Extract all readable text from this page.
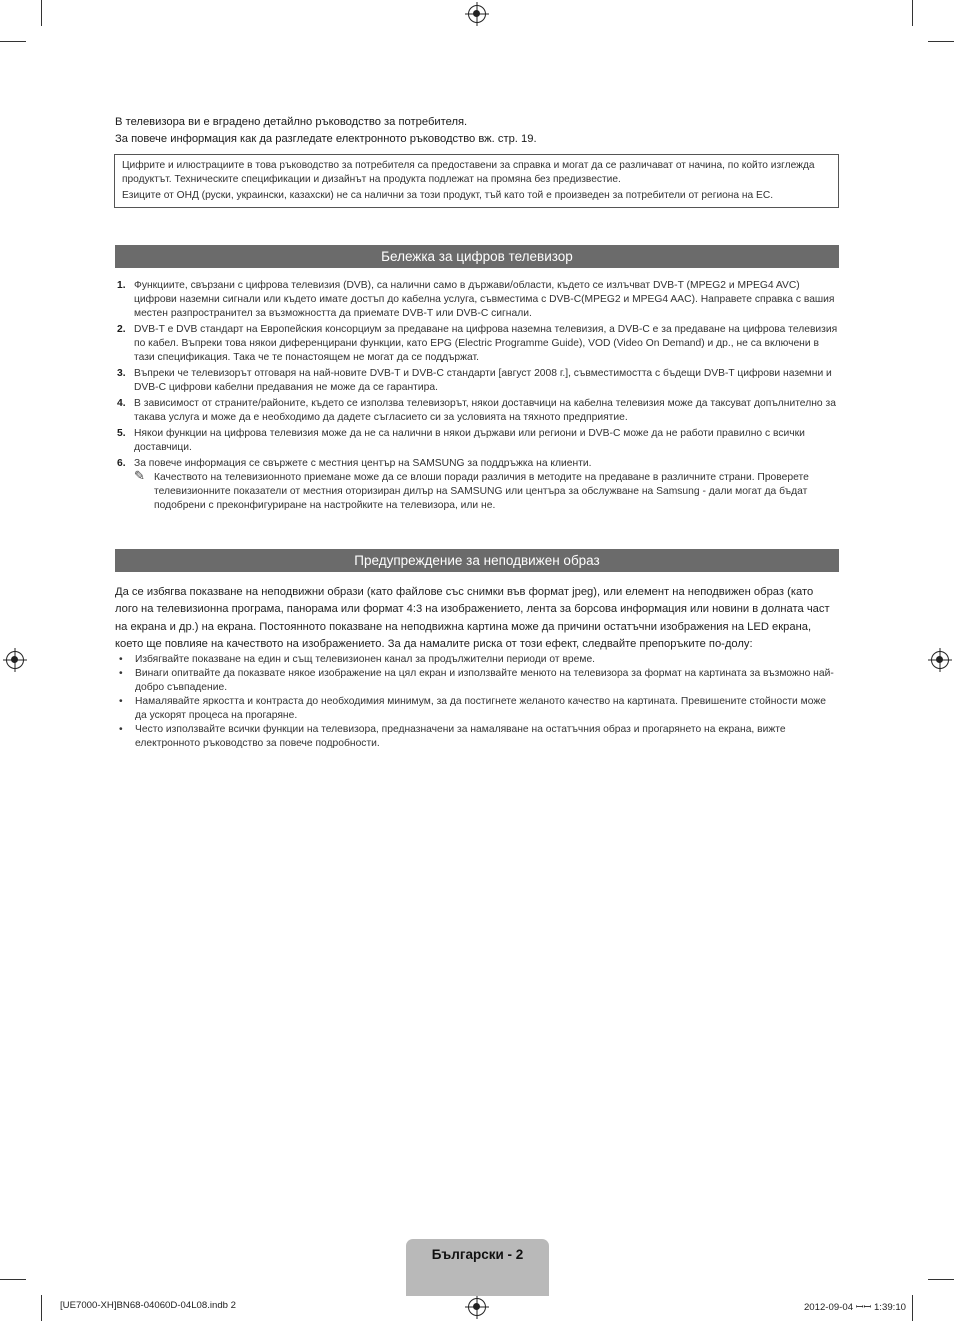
В телевизора ви е вградено детайлно ръководство за потребителя.
За повече информация как да разгледате електронното ръководство вж. стр. 19.

Цифрите и илюстрациите в това ръководство за потребителя са предоставени за справка и могат да се различават от начина, по който изглежда продуктът. Техническите спецификации и дизайнът на продукта подлежат на промяна без предизвестие.

Езиците от ОНД (руски, украински, казахски) не са налични за този продукт, тъй като той е произведен за потребители от региона на ЕС.

Бележка за цифров телевизор
1. Функциите, свързани с цифрова телевизия (DVB), са налични само в държави/области, където се излъчват DVB-T (MPEG2 и MPEG4 AVC) цифрови наземни сигнали или където имате достъп до кабелна услуга, съвместима с DVB-C(MPEG2 и MPEG4 AAC). Направете справка с вашия местен разпространител за възможността да приемате DVB-T или DVB-C сигнали.
2. DVB-T е DVB стандарт на Европейския консорциум за предаване на цифрова наземна телевизия, а DVB-C е за предаване на цифрова телевизия по кабел. Въпреки това някои диференцирани функции, като EPG (Electric Programme Guide), VOD (Video On Demand) и др., не са включени в тази спецификация. Така че те понастоящем не могат да се поддържат.
3. Въпреки че телевизорът отговаря на най-новите DVB-T и DVB-C стандарти [август 2008 г.], съвместимостта с бъдещи DVB-T цифрови наземни и DVB-C цифрови кабелни предавания не може да се гарантира.
4. В зависимост от страните/районите, където се използва телевизорът, някои доставчици на кабелна телевизия може да таксуват допълнително за такава услуга и може да е необходимо да дадете съгласието си за условията на тяхното предприятие.
5. Някои функции на цифрова телевизия може да не са налични в някои държави или региони и DVB-C може да не работи правилно с всички доставчици.
6. За повече информация се свържете с местния център на SAMSUNG за поддръжка на клиенти.
✎ Качеството на телевизионното приемане може да се влоши поради различия в методите на предаване в различните страни. Проверете телевизионните показатели от местния оторизиран дилър на SAMSUNG или центъра за обслужване на Samsung - дали могат да бъдат подобрени с преконфигуриране на настройките на телевизора, или не.
Предупреждение за неподвижен образ
Да се избягва показване на неподвижни образи (като файлове със снимки във формат jpeg), или елемент на неподвижен образ (като лого на телевизионна програма, панорама или формат 4:3 на изображението, лента за борсова информация или новини в долната част на екрана и др.) на екрана. Постоянното показване на неподвижна картина може да причини остатъчни изображения на LED екрана, което ще повлияе на качеството на изображението. За да намалите риска от този ефект, следвайте препоръките по-долу:
• Избягвайте показване на един и същ телевизионен канал за продължителни периоди от време.
• Винаги опитвайте да показвате някое изображение на цял екран и използвайте менюто на телевизора за формат на картината за възможно най-добро съвпадение.
• Намалявайте яркостта и контраста до необходимия минимум, за да постигнете желаното качество на картината. Превишените стойности може да ускорят процеса на прогаряне.
• Често използвайте всички функции на телевизора, предназначени за намаляване на остатъчния образ и прогарянето на екрана, вижте електронното ръководство за повече подробности.
Български - 2
[UE7000-XH]BN68-04060D-04L08.indb 2	2012-09-04 ꟷꟷ 1:39:10
